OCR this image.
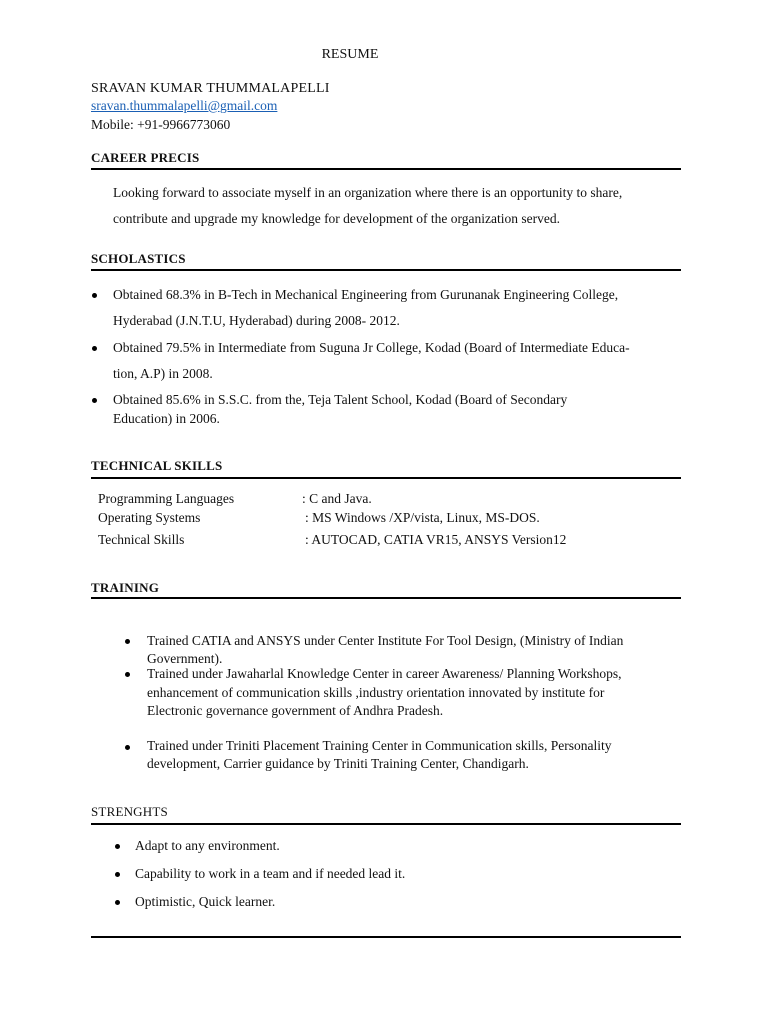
RESUME
SRAVAN KUMAR THUMMALAPELLI
sravan.thummalapelli@gmail.com
Mobile: +91-9966773060
CAREER PRECIS
Looking forward to associate myself in an organization where there is an opportunity to share,
contribute and upgrade my knowledge for development of the organization served.
SCHOLASTICS
Obtained 68.3% in B-Tech in Mechanical Engineering from Gurunanak Engineering College,
Hyderabad (J.N.T.U, Hyderabad) during 2008- 2012.
Obtained 79.5% in Intermediate from Suguna Jr College, Kodad (Board of Intermediate Educa-
tion, A.P) in 2008.
Obtained 85.6% in S.S.C. from the, Teja Talent School, Kodad (Board of Secondary
Education) in 2006.
TECHNICAL SKILLS
Programming Languages	: C and Java.
Operating Systems	: MS Windows /XP/vista, Linux, MS-DOS.
Technical Skills	: AUTOCAD, CATIA VR15, ANSYS Version12
TRAINING
Trained CATIA and ANSYS under Center Institute For Tool Design, (Ministry of Indian
Government).
Trained under Jawaharlal Knowledge Center in career Awareness/ Planning Workshops,
enhancement of communication skills ,industry orientation innovated by institute for
Electronic governance government of Andhra Pradesh.
Trained under Triniti Placement Training Center in Communication skills, Personality
development, Carrier guidance by Triniti Training Center, Chandigarh.
STRENGHTS
Adapt to any environment.
Capability to work in a team and if needed lead it.
Optimistic, Quick learner.
